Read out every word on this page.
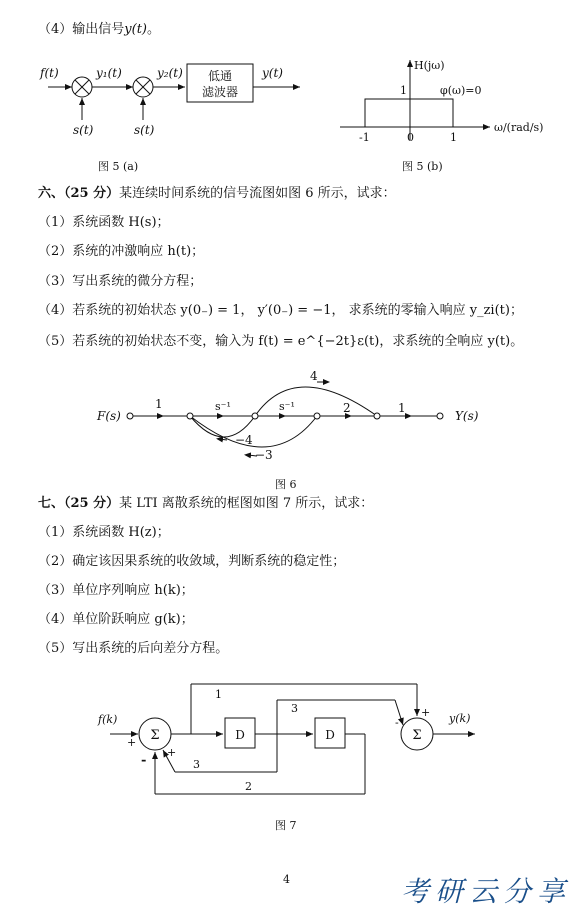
（4）输出信号y(t)。
f(t)	y₁(t)	y₂(t)	y(t)
s(t)	s(t)
低通
滤波器
图 5 (a)
H(jω)
1	φ(ω)=0
-1	0	1
ω/(rad/s)
图 5 (b)
六、（25 分）某连续时间系统的信号流图如图 6 所示，试求：
（1）系统函数 H(s)；
（2）系统的冲激响应 h(t)；
（3）写出系统的微分方程；
（4）若系统的初始状态 y(0₋) = 1， y′(0₋) = −1， 求系统的零输入响应 y_zi(t)；
（5）若系统的初始状态不变，输入为 f(t) = e^{−2t}ε(t)，求系统的全响应 y(t)。
F(s)	Y(s)
1	s⁻¹	s⁻¹	2	1
4
−4
−3
图 6
七、（25 分）某 LTI 离散系统的框图如图 7 所示，试求：
（1）系统函数 H(z)；
（2）确定该因果系统的收敛域，判断系统的稳定性；
（3）单位序列响应 h(k)；
（4）单位阶跃响应 g(k)；
（5）写出系统的后向差分方程。
f(k)	y(k)
Σ	Σ
D	D
1
3
3
2
+
+
-
-
+
图 7
4	考研云分享
